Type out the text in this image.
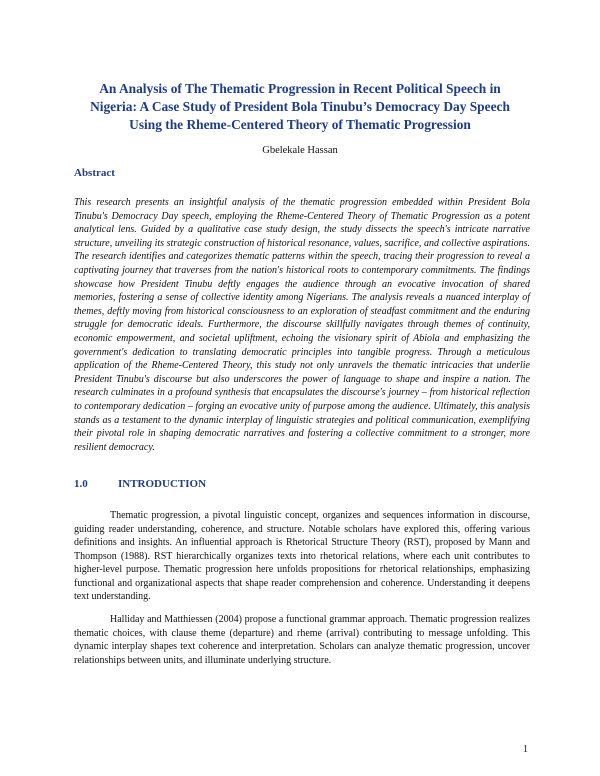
An Analysis of The Thematic Progression in Recent Political Speech in
Nigeria: A Case Study of President Bola Tinubu’s Democracy Day Speech
Using the Rheme-Centered Theory of Thematic Progression
Gbelekale Hassan
Abstract
This research presents an insightful analysis of the thematic progression embedded within President Bola Tinubu's Democracy Day speech, employing the Rheme-Centered Theory of Thematic Progression as a potent analytical lens. Guided by a qualitative case study design, the study dissects the speech's intricate narrative structure, unveiling its strategic construction of historical resonance, values, sacrifice, and collective aspirations. The research identifies and categorizes thematic patterns within the speech, tracing their progression to reveal a captivating journey that traverses from the nation's historical roots to contemporary commitments. The findings showcase how President Tinubu deftly engages the audience through an evocative invocation of shared memories, fostering a sense of collective identity among Nigerians. The analysis reveals a nuanced interplay of themes, deftly moving from historical consciousness to an exploration of steadfast commitment and the enduring struggle for democratic ideals. Furthermore, the discourse skillfully navigates through themes of continuity, economic empowerment, and societal upliftment, echoing the visionary spirit of Abiola and emphasizing the government's dedication to translating democratic principles into tangible progress. Through a meticulous application of the Rheme-Centered Theory, this study not only unravels the thematic intricacies that underlie President Tinubu's discourse but also underscores the power of language to shape and inspire a nation. The research culminates in a profound synthesis that encapsulates the discourse's journey – from historical reflection to contemporary dedication – forging an evocative unity of purpose among the audience. Ultimately, this analysis stands as a testament to the dynamic interplay of linguistic strategies and political communication, exemplifying their pivotal role in shaping democratic narratives and fostering a collective commitment to a stronger, more resilient democracy.
1.0	INTRODUCTION
Thematic progression, a pivotal linguistic concept, organizes and sequences information in discourse, guiding reader understanding, coherence, and structure. Notable scholars have explored this, offering various definitions and insights. An influential approach is Rhetorical Structure Theory (RST), proposed by Mann and Thompson (1988). RST hierarchically organizes texts into rhetorical relations, where each unit contributes to higher-level purpose. Thematic progression here unfolds propositions for rhetorical relationships, emphasizing functional and organizational aspects that shape reader comprehension and coherence. Understanding it deepens text understanding.
Halliday and Matthiessen (2004) propose a functional grammar approach. Thematic progression realizes thematic choices, with clause theme (departure) and rheme (arrival) contributing to message unfolding. This dynamic interplay shapes text coherence and interpretation. Scholars can analyze thematic progression, uncover relationships between units, and illuminate underlying structure.
1
